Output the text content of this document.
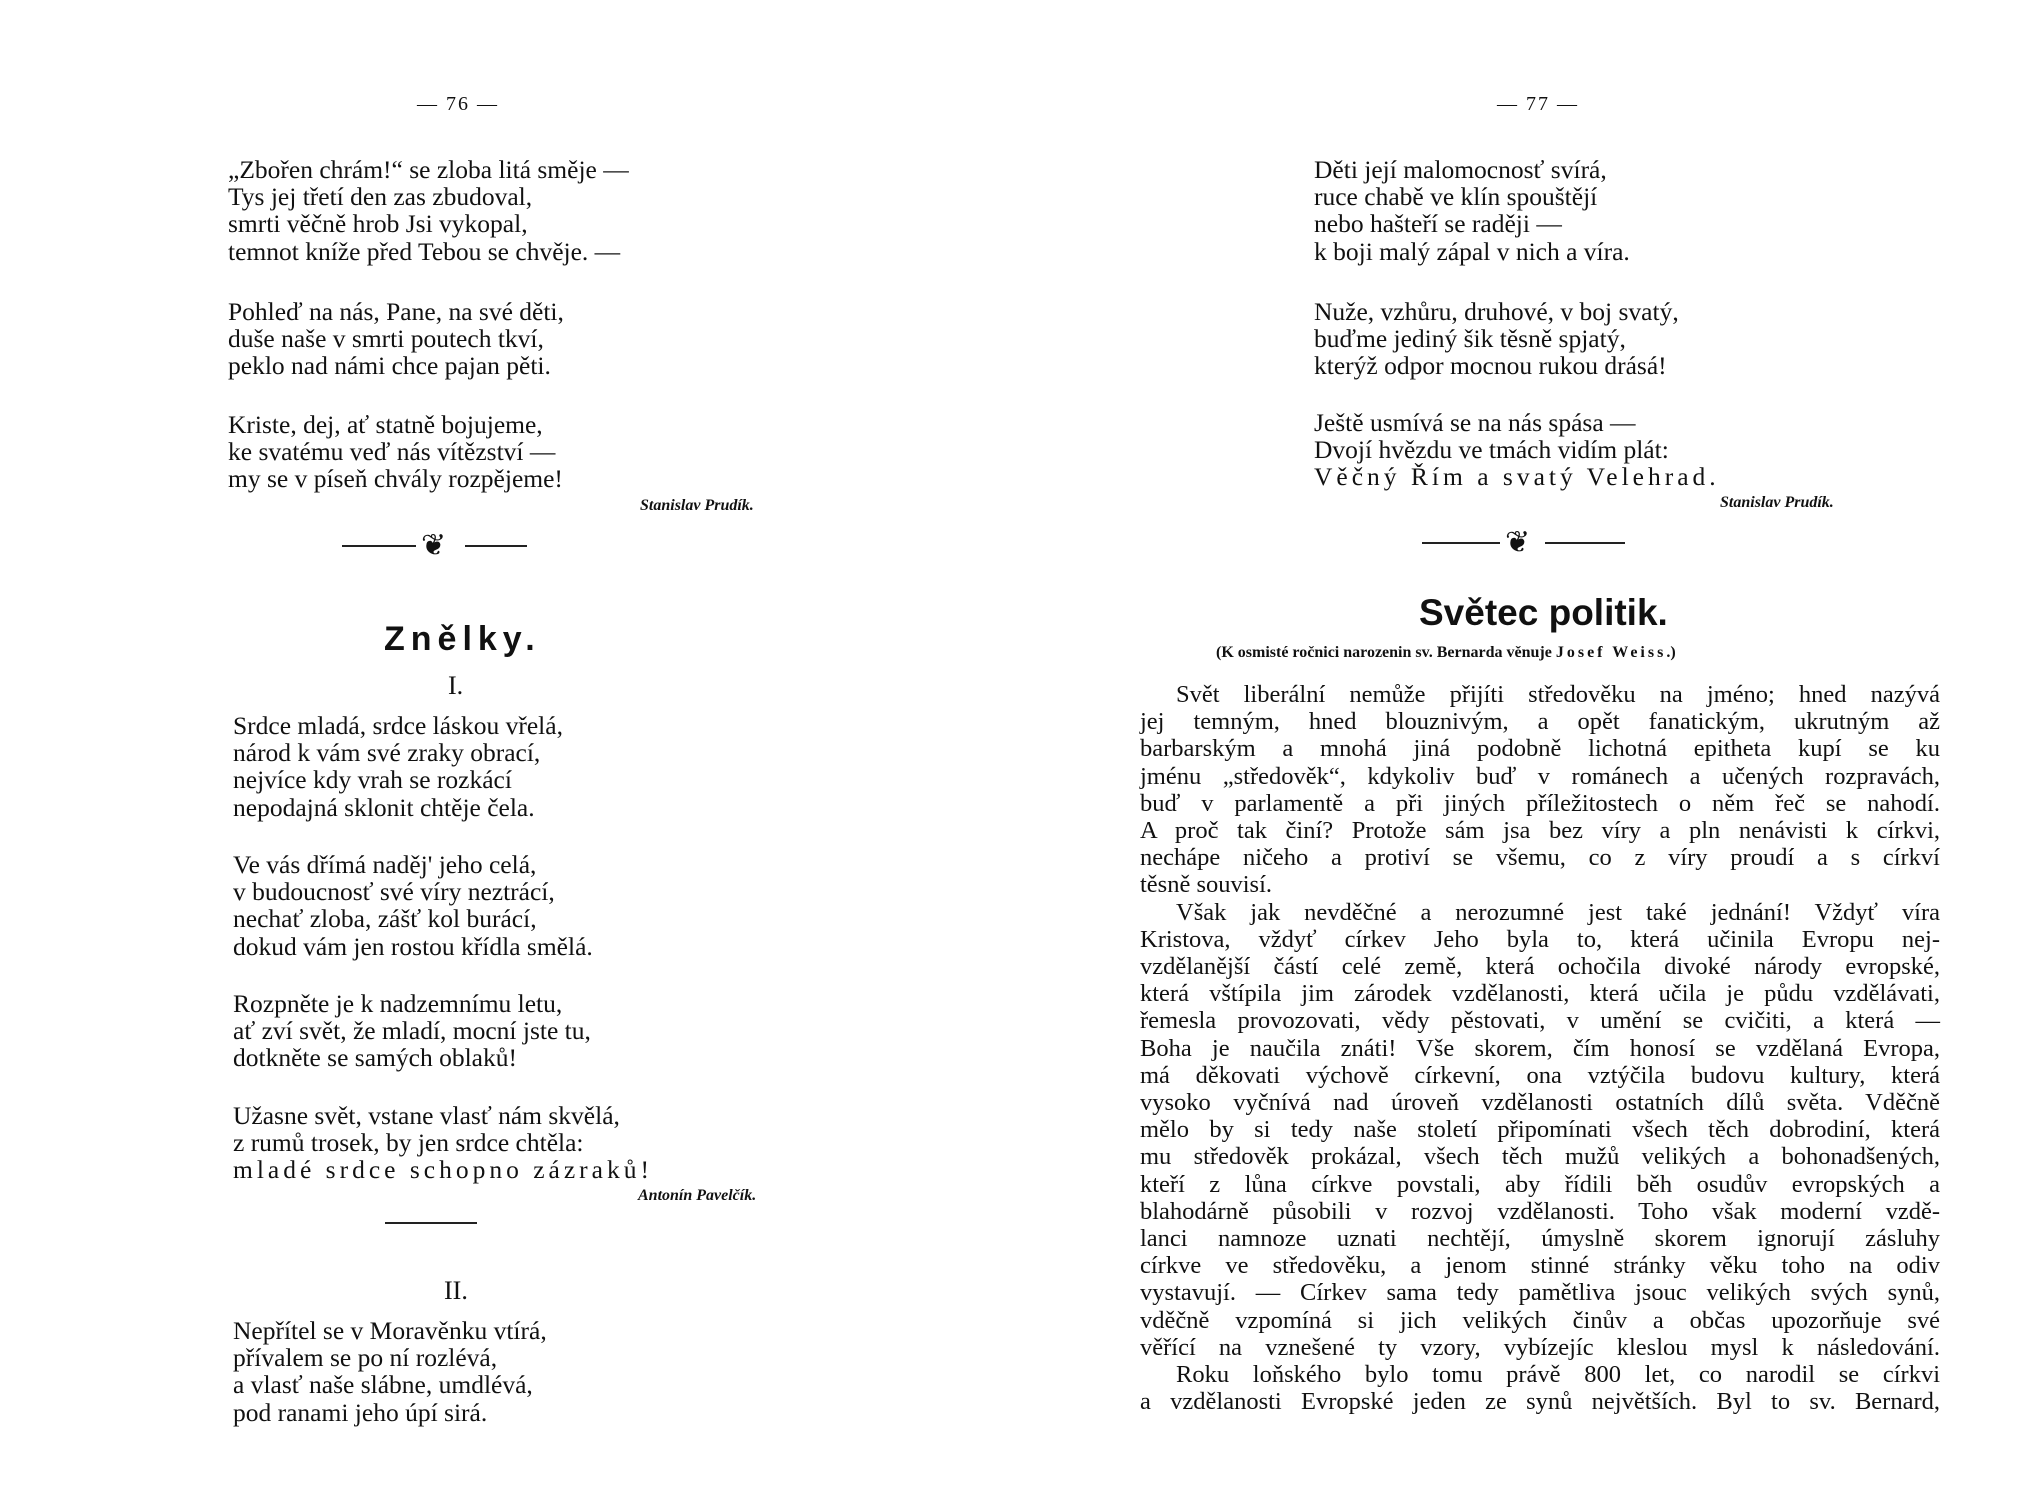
— 76 —
„Zbořen chrám!“ se zloba litá směje —
Tys jej třetí den zas zbudoval,
smrti věčně hrob Jsi vykopal,
temnot kníže před Tebou se chvěje. —
Pohleď na nás, Pane, na své děti,
duše naše v smrti poutech tkví,
peklo nad námi chce pajan pěti.
Kriste, dej, ať statně bojujeme,
ke svatému veď nás vítězství —
my se v píseň chvály rozpějeme!
Stanislav Prudík.
❦
Znělky.
I.
Srdce mladá, srdce láskou vřelá,
národ k vám své zraky obrací,
nejvíce kdy vrah se rozkácí
nepodajná sklonit chtěje čela.
Ve vás dřímá naděj' jeho celá,
v budoucnosť své víry neztrácí,
nechať zloba, zášť kol burácí,
dokud vám jen rostou křídla smělá.
Rozpněte je k nadzemnímu letu,
ať zví svět, že mladí, mocní jste tu,
dotkněte se samých oblaků!
Užasne svět, vstane vlasť nám skvělá,
z rumů trosek, by jen srdce chtěla:
mladé srdce schopno zázraků!
Antonín Pavelčík.
II.
Nepřítel se v Moravěnku vtírá,
přívalem se po ní rozlévá,
a vlasť naše slábne, umdlévá,
pod ranami jeho úpí sirá.
— 77 —
Děti její malomocnosť svírá,
ruce chabě ve klín spouštějí
nebo hašteří se raději —
k boji malý zápal v nich a víra.
Nuže, vzhůru, druhové, v boj svatý,
buďme jediný šik těsně spjatý,
kterýž odpor mocnou rukou drásá!
Ještě usmívá se na nás spása —
Dvojí hvězdu ve tmách vidím plát:
Věčný Řím a svatý Velehrad.
Stanislav Prudík.
❦
Světec politik.
(K osmisté ročnici narozenin sv. Bernarda věnuje Josef Weiss.)
Svět liberální nemůže přijíti středověku na jméno; hned nazývá
jej temným, hned blouznivým, a opět fanatickým, ukrutným až
barbarským a mnohá jiná podobně lichotná epitheta kupí se ku
jménu „středověk“, kdykoliv buď v románech a učených rozpravách,
buď v parlamentě a při jiných příležitostech o něm řeč se nahodí.
A proč tak činí? Protože sám jsa bez víry a pln nenávisti k církvi,
nechápe ničeho a protiví se všemu, co z víry proudí a s církví
těsně souvisí.
Však jak nevděčné a nerozumné jest také jednání! Vždyť víra
Kristova, vždyť církev Jeho byla to, která učinila Evropu nej-
vzdělanější částí celé země, která ochočila divoké národy evropské,
která vštípila jim zárodek vzdělanosti, která učila je půdu vzdělávati,
řemesla provozovati, vědy pěstovati, v umění se cvičiti, a která —
Boha je naučila znáti! Vše skorem, čím honosí se vzdělaná Evropa,
má děkovati výchově církevní, ona vztýčila budovu kultury, která
vysoko vyčnívá nad úroveň vzdělanosti ostatních dílů světa. Vděčně
mělo by si tedy naše století připomínati všech těch dobrodiní, která
mu středověk prokázal, všech těch mužů velikých a bohonadšených,
kteří z lůna církve povstali, aby řídili běh osudův evropských a
blahodárně působili v rozvoj vzdělanosti. Toho však moderní vzdě-
lanci namnoze uznati nechtějí, úmyslně skorem ignorují zásluhy
církve ve středověku, a jenom stinné stránky věku toho na odiv
vystavují. — Církev sama tedy pamětliva jsouc velikých svých synů,
vděčně vzpomíná si jich velikých činův a občas upozorňuje své
věřící na vznešené ty vzory, vybízejíc kleslou mysl k následování.
Roku loňského bylo tomu právě 800 let, co narodil se církvi
a vzdělanosti Evropské jeden ze synů největších. Byl to sv. Bernard,
